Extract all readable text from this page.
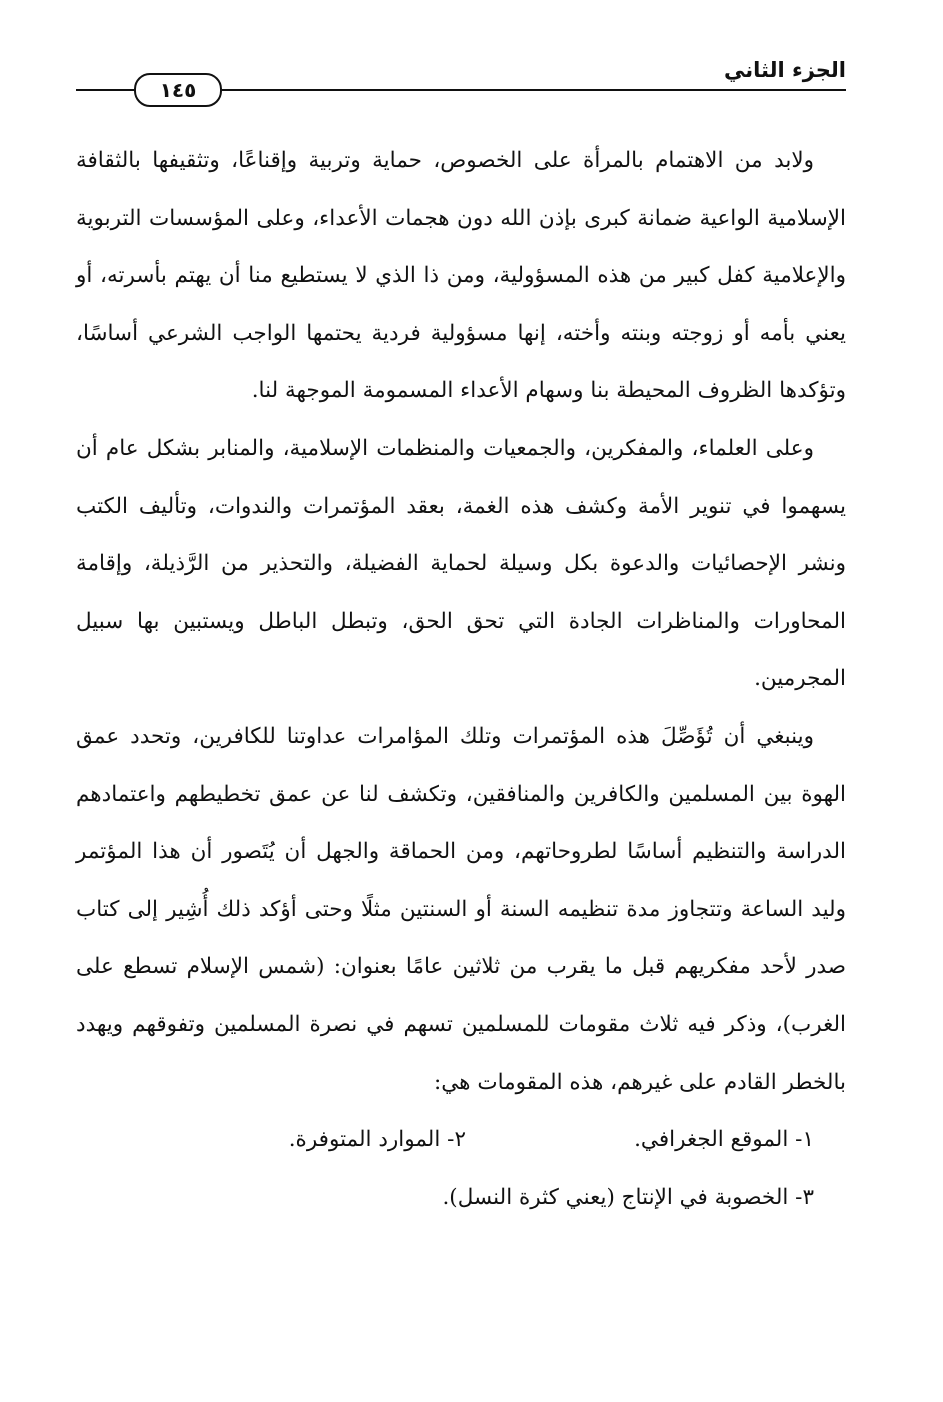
الجزء الثاني
١٤٥

ولابد من الاهتمام بالمرأة على الخصوص، حماية وتربية وإقناعًا، وتثقيفها بالثقافة الإسلامية الواعية ضمانة كبرى بإذن الله دون هجمات الأعداء، وعلى المؤسسات التربوية والإعلامية كفل كبير من هذه المسؤولية، ومن ذا الذي لا يستطيع منا أن يهتم بأسرته، أو يعني بأمه أو زوجته وبنته وأخته، إنها مسؤولية فردية يحتمها الواجب الشرعي أساسًا، وتؤكدها الظروف المحيطة بنا وسهام الأعداء المسمومة الموجهة لنا.

وعلى العلماء، والمفكرين، والجمعيات والمنظمات الإسلامية، والمنابر بشكل عام أن يسهموا في تنوير الأمة وكشف هذه الغمة، بعقد المؤتمرات والندوات، وتأليف الكتب ونشر الإحصائيات والدعوة بكل وسيلة لحماية الفضيلة، والتحذير من الرَّذيلة، وإقامة المحاورات والمناظرات الجادة التي تحق الحق، وتبطل الباطل ويستبين بها سبيل المجرمين.

وينبغي أن تُؤَصِّلَ هذه المؤتمرات وتلك المؤامرات عداوتنا للكافرين، وتحدد عمق الهوة بين المسلمين والكافرين والمنافقين، وتكشف لنا عن عمق تخطيطهم واعتمادهم الدراسة والتنظيم أساسًا لطروحاتهم، ومن الحماقة والجهل أن يُتَصور أن هذا المؤتمر وليد الساعة وتتجاوز مدة تنظيمه السنة أو السنتين مثلًا وحتى أؤكد ذلك أُشِير إلى كتاب صدر لأحد مفكريهم قبل ما يقرب من ثلاثين عامًا بعنوان: (شمس الإسلام تسطع على الغرب)، وذكر فيه ثلاث مقومات للمسلمين تسهم في نصرة المسلمين وتفوقهم ويهدد بالخطر القادم على غيرهم، هذه المقومات هي:

١- الموقع الجغرافي.
٢- الموارد المتوفرة.

٣- الخصوبة في الإنتاج (يعني كثرة النسل).
